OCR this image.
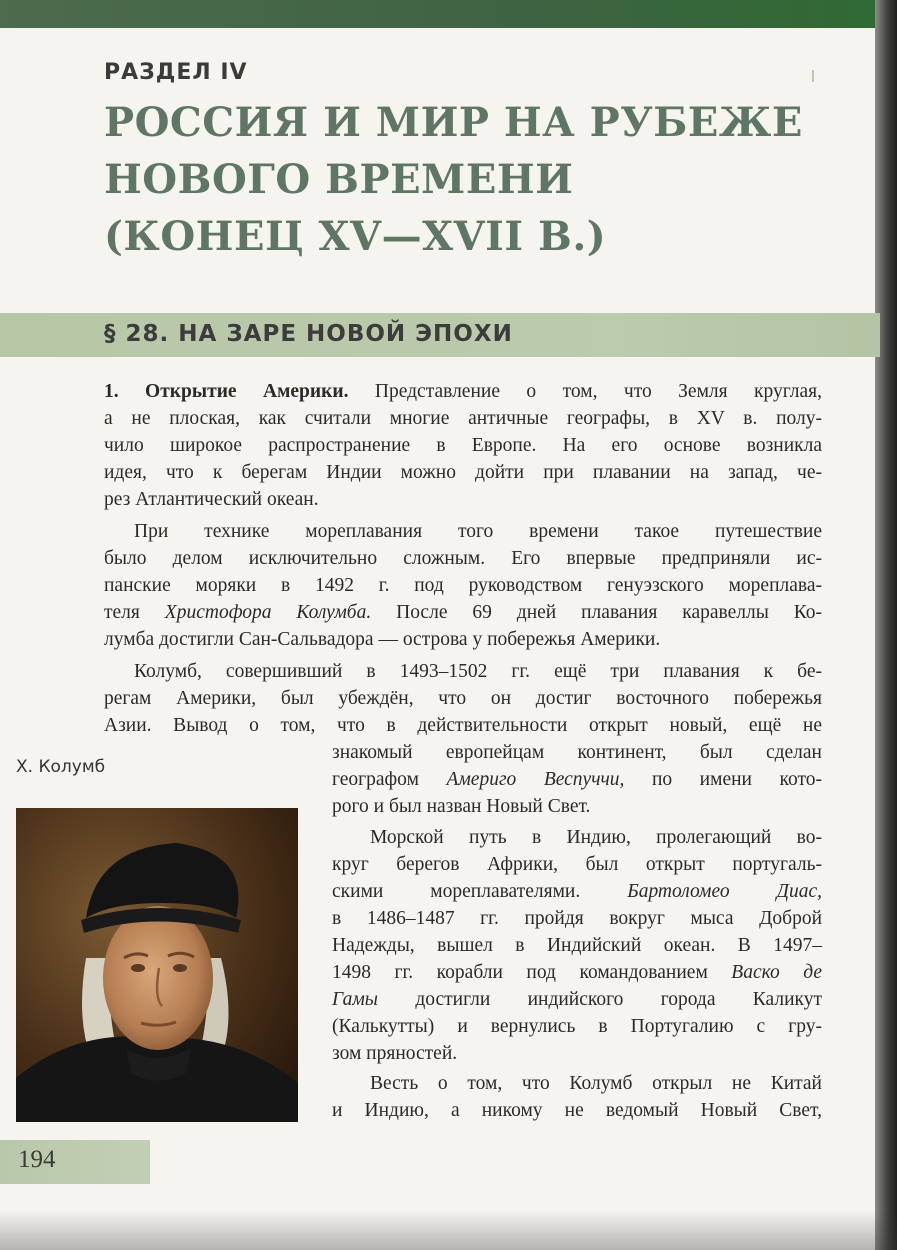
РАЗДЕЛ IV
РОССИЯ И МИР НА РУБЕЖЕ
НОВОГО ВРЕМЕНИ
(КОНЕЦ XV—XVII В.)
§ 28. НА ЗАРЕ НОВОЙ ЭПОХИ
1. Открытие Америки. Представление о том, что Земля круглая,
а не плоская, как считали многие античные географы, в XV в. полу-
чило широкое распространение в Европе. На его основе возникла
идея, что к берегам Индии можно дойти при плавании на запад, че-
рез Атлантический океан.
При технике мореплавания того времени такое путешествие
было делом исключительно сложным. Его впервые предприняли ис-
панские моряки в 1492 г. под руководством генуэзского мореплава-
теля Христофора Колумба. После 69 дней плавания каравеллы Ко-
лумба достигли Сан-Сальвадора — острова у побережья Америки.
Колумб, совершивший в 1493–1502 гг. ещё три плавания к бе-
регам Америки, был убеждён, что он достиг восточного побережья
Азии. Вывод о том, что в действительности открыт новый, ещё не
знакомый европейцам континент, был сделан
географом Америго Веспуччи, по имени кото-
рого и был назван Новый Свет.
Морской путь в Индию, пролегающий во-
круг берегов Африки, был открыт португаль-
скими мореплавателями. Бартоломео Диас,
в 1486–1487 гг. пройдя вокруг мыса Доброй
Надежды, вышел в Индийский океан. В 1497–
1498 гг. корабли под командованием Васко де
Гамы достигли индийского города Каликут
(Калькутты) и вернулись в Португалию с гру-
зом пряностей.
Весть о том, что Колумб открыл не Китай
и Индию, а никому не ведомый Новый Свет,
Х. Колумб
194
